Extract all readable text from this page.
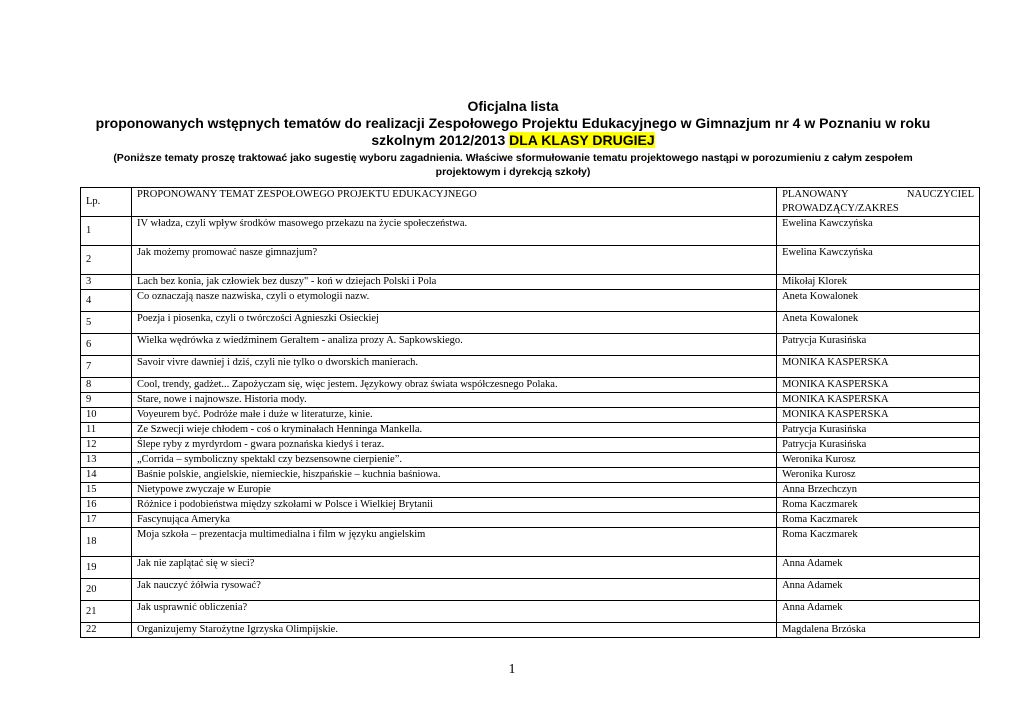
Oficjalna lista
proponowanych wstępnych tematów do realizacji Zespołowego Projektu Edukacyjnego w Gimnazjum nr 4 w Poznaniu w roku szkolnym 2012/2013 DLA KLASY DRUGIEJ
(Poniższe tematy proszę traktować jako sugestię wyboru zagadnienia. Właściwe sformułowanie tematu projektowego nastąpi w porozumieniu z całym zespołem projektowym i dyrekcją szkoły)
Lp.	PROPONOWANY TEMAT ZESPOŁOWEGO PROJEKTU EDUKACYJNEGO	PLANOWANY NAUCZYCIEL
PROWADZĄCY/ZAKRES

1	IV władza, czyli wpływ środków masowego przekazu na życie społeczeństwa.	Ewelina Kawczyńska
2	Jak możemy promować nasze gimnazjum?	Ewelina Kawczyńska
3	Lach bez konia, jak człowiek bez duszy" - koń w dziejach Polski i Pola	Mikołaj Klorek
4	Co oznaczają nasze nazwiska, czyli o etymologii nazw.	Aneta Kowalonek
5	Poezja i piosenka, czyli o twórczości Agnieszki Osieckiej	Aneta Kowalonek
6	Wielka wędrówka z wiedźminem Geraltem - analiza prozy A. Sapkowskiego.	Patrycja Kurasińska
7	Savoir vivre dawniej i dziś, czyli nie tylko o dworskich manierach.	MONIKA KASPERSKA
8	Cool, trendy, gadżet... Zapożyczam się, więc jestem. Językowy obraz świata współczesnego Polaka.	MONIKA KASPERSKA
9	Stare, nowe i najnowsze. Historia mody.	MONIKA KASPERSKA
10	Voyeurem być. Podróże małe i duże w literaturze, kinie.	MONIKA KASPERSKA
11	Ze Szwecji wieje chłodem - coś o kryminałach Henninga Mankella.	Patrycja Kurasińska
12	Ślepe ryby z myrdyrdom - gwara poznańska kiedyś i teraz.	Patrycja Kurasińska
13	„Corrida – symboliczny spektakl czy bezsensowne cierpienie”.	Weronika Kurosz
14	Baśnie polskie, angielskie, niemieckie, hiszpańskie – kuchnia baśniowa.	Weronika Kurosz
15	Nietypowe zwyczaje w Europie	Anna Brzechczyn
16	Różnice i podobieństwa między szkołami w Polsce i Wielkiej Brytanii	Roma Kaczmarek
17	Fascynująca Ameryka	Roma Kaczmarek
18	Moja szkoła – prezentacja multimedialna i film w języku angielskim	Roma Kaczmarek
19	Jak nie zaplątać się w sieci?	Anna Adamek
20	Jak nauczyć żółwia rysować?	Anna Adamek
21	Jak usprawnić obliczenia?	Anna Adamek
22	Organizujemy Starożytne Igrzyska Olimpijskie.	Magdalena Brzóska
1
